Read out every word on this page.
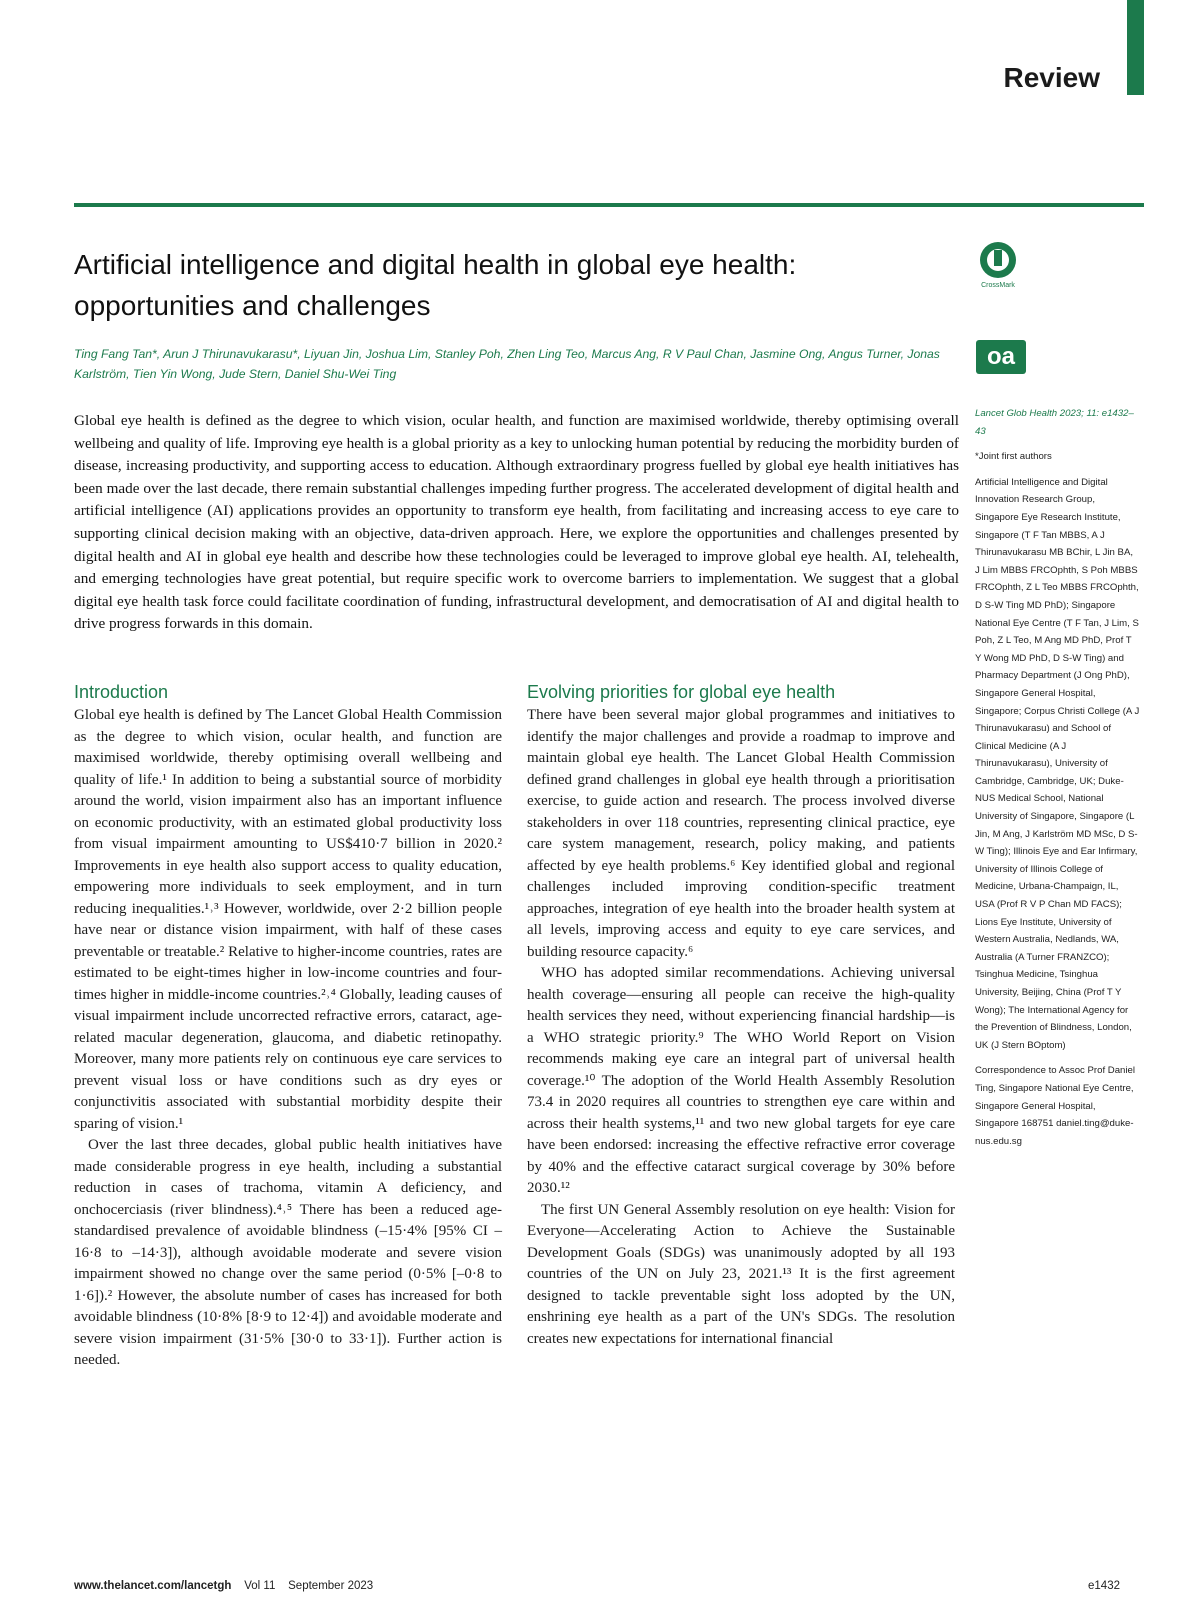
Review
Artificial intelligence and digital health in global eye health: opportunities and challenges

Ting Fang Tan*, Arun J Thirunavukarasu*, Liyuan Jin, Joshua Lim, Stanley Poh, Zhen Ling Teo, Marcus Ang, R V Paul Chan, Jasmine Ong, Angus Turner, Jonas Karlström, Tien Yin Wong, Jude Stern, Daniel Shu-Wei Ting

CrossMark
oa

Global eye health is defined as the degree to which vision, ocular health, and function are maximised worldwide, thereby optimising overall wellbeing and quality of life. Improving eye health is a global priority as a key to unlocking human potential by reducing the morbidity burden of disease, increasing productivity, and supporting access to education. Although extraordinary progress fuelled by global eye health initiatives has been made over the last decade, there remain substantial challenges impeding further progress. The accelerated development of digital health and artificial intelligence (AI) applications provides an opportunity to transform eye health, from facilitating and increasing access to eye care to supporting clinical decision making with an objective, data-driven approach. Here, we explore the opportunities and challenges presented by digital health and AI in global eye health and describe how these technologies could be leveraged to improve global eye health. AI, telehealth, and emerging technologies have great potential, but require specific work to overcome barriers to implementation. We suggest that a global digital eye health task force could facilitate coordination of funding, infrastructural development, and democratisation of AI and digital health to drive progress forwards in this domain.

Introduction

Global eye health is defined by The Lancet Global Health Commission as the degree to which vision, ocular health, and function are maximised worldwide, thereby optimising overall wellbeing and quality of life.¹ In addition to being a substantial source of morbidity around the world, vision impairment also has an important influence on economic productivity, with an estimated global productivity loss from visual impairment amounting to US$410·7 billion in 2020.² Improvements in eye health also support access to quality education, empowering more individuals to seek employment, and in turn reducing inequalities.¹˒³ However, worldwide, over 2·2 billion people have near or distance vision impairment, with half of these cases preventable or treatable.² Relative to higher-income countries, rates are estimated to be eight-times higher in low-income countries and four-times higher in middle-income countries.²˒⁴ Globally, leading causes of visual impairment include uncorrected refractive errors, cataract, age-related macular degeneration, glaucoma, and diabetic retinopathy. Moreover, many more patients rely on continuous eye care services to prevent visual loss or have conditions such as dry eyes or conjunctivitis associated with substantial morbidity despite their sparing of vision.¹

Over the last three decades, global public health initiatives have made considerable progress in eye health, including a substantial reduction in cases of trachoma, vitamin A deficiency, and onchocerciasis (river blindness).⁴˒⁵ There has been a reduced age-standardised prevalence of avoidable blindness (–15·4% [95% CI –16·8 to –14·3]), although avoidable moderate and severe vision impairment showed no change over the same period (0·5% [–0·8 to 1·6]).² However, the absolute number of cases has increased for both avoidable blindness (10·8% [8·9 to 12·4]) and avoidable moderate and severe vision impairment (31·5% [30·0 to 33·1]). Further action is needed.

Evolving priorities for global eye health

There have been several major global programmes and initiatives to identify the major challenges and provide a roadmap to improve and maintain global eye health. The Lancet Global Health Commission defined grand challenges in global eye health through a prioritisation exercise, to guide action and research. The process involved diverse stakeholders in over 118 countries, representing clinical practice, eye care system management, research, policy making, and patients affected by eye health problems.⁶ Key identified global and regional challenges included improving condition-specific treatment approaches, integration of eye health into the broader health system at all levels, improving access and equity to eye care services, and building resource capacity.⁶

WHO has adopted similar recommendations. Achieving universal health coverage—ensuring all people can receive the high-quality health services they need, without experiencing financial hardship—is a WHO strategic priority.⁹ The WHO World Report on Vision recommends making eye care an integral part of universal health coverage.¹⁰ The adoption of the World Health Assembly Resolution 73.4 in 2020 requires all countries to strengthen eye care within and across their health systems,¹¹ and two new global targets for eye care have been endorsed: increasing the effective refractive error coverage by 40% and the effective cataract surgical coverage by 30% before 2030.¹²

The first UN General Assembly resolution on eye health: Vision for Everyone—Accelerating Action to Achieve the Sustainable Development Goals (SDGs) was unanimously adopted by all 193 countries of the UN on July 23, 2021.¹³ It is the first agreement designed to tackle preventable sight loss adopted by the UN, enshrining eye health as a part of the UN's SDGs. The resolution creates new expectations for international financial

Lancet Glob Health 2023; 11: e1432–43

*Joint first authors

Artificial Intelligence and Digital Innovation Research Group, Singapore Eye Research Institute, Singapore (T F Tan MBBS, A J Thirunavukarasu MB BChir, L Jin BA, J Lim MBBS FRCOphth, S Poh MBBS FRCOphth, Z L Teo MBBS FRCOphth, D S-W Ting MD PhD); Singapore National Eye Centre (T F Tan, J Lim, S Poh, Z L Teo, M Ang MD PhD, Prof T Y Wong MD PhD, D S-W Ting) and Pharmacy Department (J Ong PhD), Singapore General Hospital, Singapore; Corpus Christi College (A J Thirunavukarasu) and School of Clinical Medicine (A J Thirunavukarasu), University of Cambridge, Cambridge, UK; Duke-NUS Medical School, National University of Singapore, Singapore (L Jin, M Ang, J Karlström MD MSc, D S-W Ting); Illinois Eye and Ear Infirmary, University of Illinois College of Medicine, Urbana-Champaign, IL, USA (Prof R V P Chan MD FACS); Lions Eye Institute, University of Western Australia, Nedlands, WA, Australia (A Turner FRANZCO); Tsinghua Medicine, Tsinghua University, Beijing, China (Prof T Y Wong); The International Agency for the Prevention of Blindness, London, UK (J Stern BOptom)

Correspondence to Assoc Prof Daniel Ting, Singapore National Eye Centre, Singapore General Hospital, Singapore 168751 daniel.ting@duke-nus.edu.sg

www.thelancet.com/lancetgh Vol 11 September 2023	e1432
